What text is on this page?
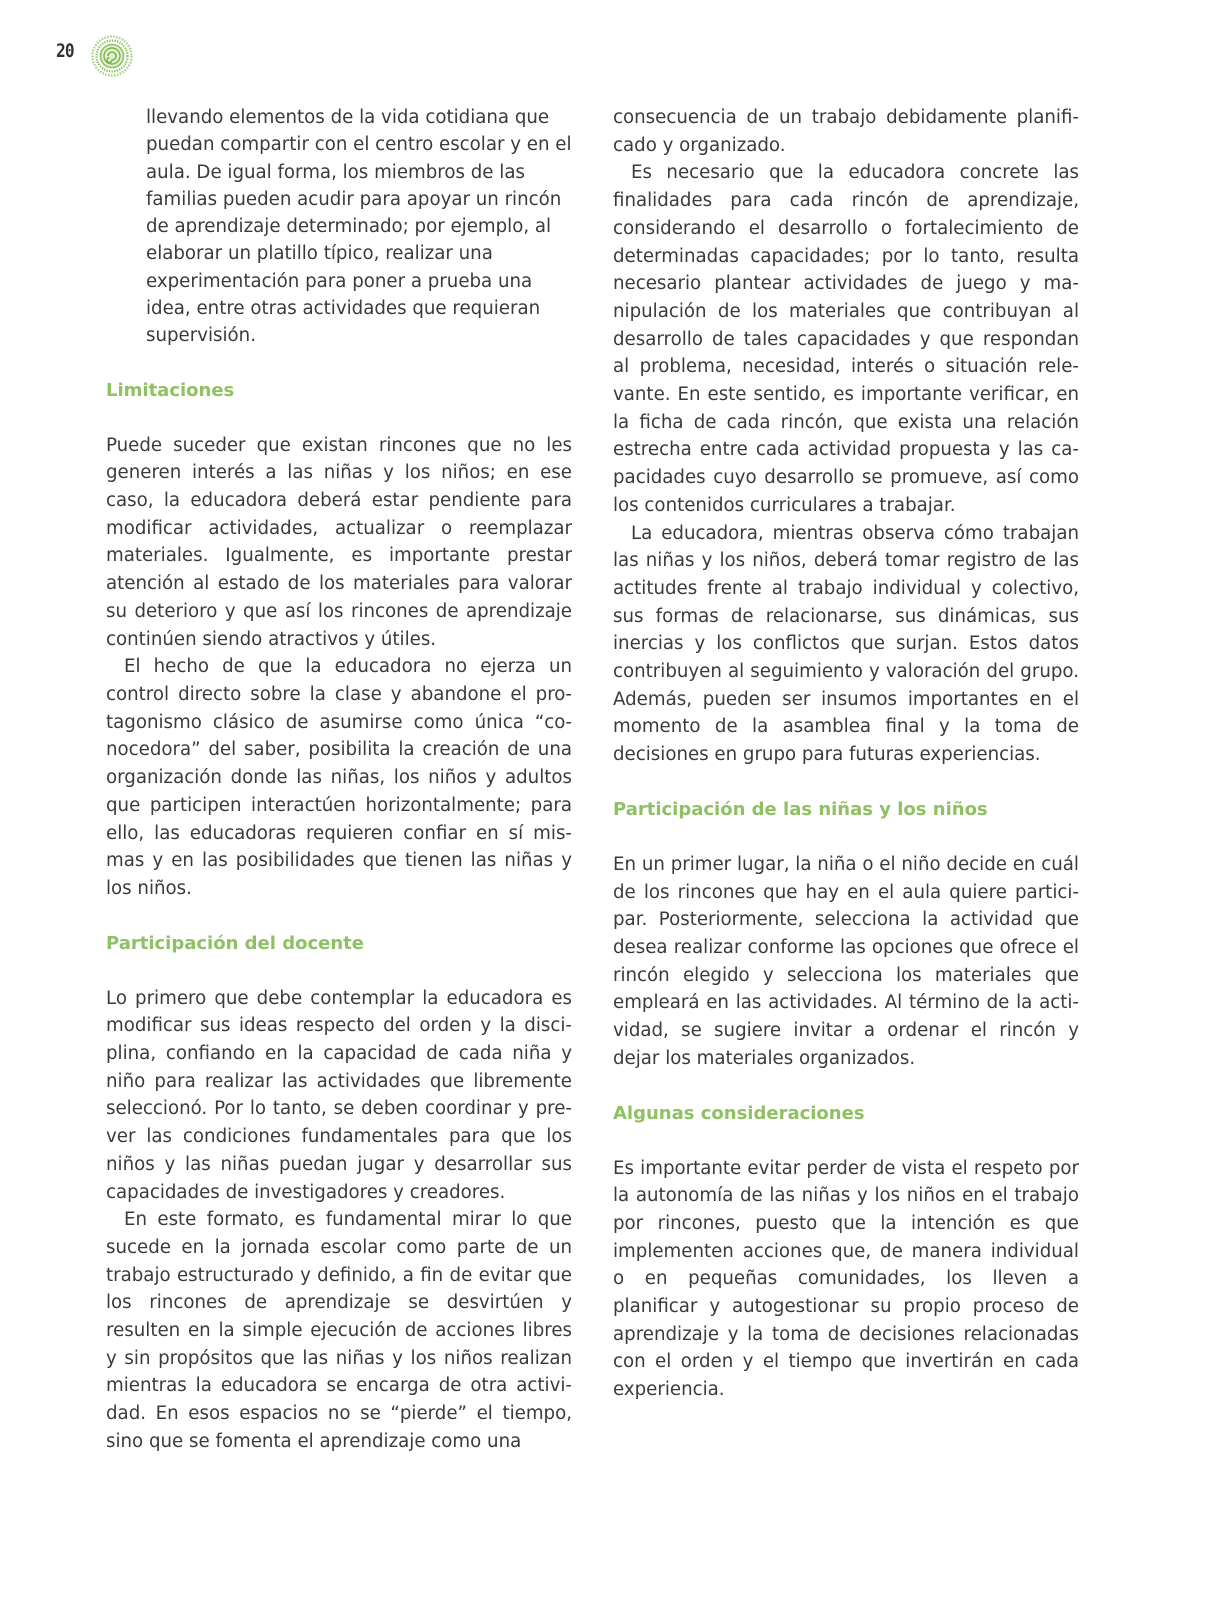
20

llevando elementos de la vida cotidiana que puedan compartir con el centro escolar y en el aula. De igual forma, los miembros de las familias pueden acudir para apoyar un rincón de aprendizaje determinado; por ejemplo, al elaborar un platillo típico, realizar una experimentación para poner a prueba una idea, entre otras actividades que requieran supervisión.

Limitaciones

Puede suceder que existan rincones que no les generen interés a las niñas y los niños; en ese caso, la educadora deberá estar pendiente para modificar actividades, actualizar o reemplazar materiales. Igualmente, es importante prestar atención al estado de los materiales para valorar su deterioro y que así los rincones de aprendizaje continúen siendo atractivos y útiles.

El hecho de que la educadora no ejerza un control directo sobre la clase y abandone el protagonismo clásico de asumirse como única “conocedora” del saber, posibilita la creación de una organización donde las niñas, los niños y adultos que participen interactúen horizontalmente; para ello, las educadoras requieren confiar en sí mismas y en las posibilidades que tienen las niñas y los niños.

Participación del docente

Lo primero que debe contemplar la educadora es modificar sus ideas respecto del orden y la disciplina, confiando en la capacidad de cada niña y niño para realizar las actividades que libremente seleccionó. Por lo tanto, se deben coordinar y prever las condiciones fundamentales para que los niños y las niñas puedan jugar y desarrollar sus capacidades de investigadores y creadores.

En este formato, es fundamental mirar lo que sucede en la jornada escolar como parte de un trabajo estructurado y definido, a fin de evitar que los rincones de aprendizaje se desvirtúen y resulten en la simple ejecución de acciones libres y sin propósitos que las niñas y los niños realizan mientras la educadora se encarga de otra actividad. En esos espacios no se “pierde” el tiempo, sino que se fomenta el aprendizaje como una

consecuencia de un trabajo debidamente planificado y organizado.

Es necesario que la educadora concrete las finalidades para cada rincón de aprendizaje, considerando el desarrollo o fortalecimiento de determinadas capacidades; por lo tanto, resulta necesario plantear actividades de juego y manipulación de los materiales que contribuyan al desarrollo de tales capacidades y que respondan al problema, necesidad, interés o situación relevante. En este sentido, es importante verificar, en la ficha de cada rincón, que exista una relación estrecha entre cada actividad propuesta y las capacidades cuyo desarrollo se promueve, así como los contenidos curriculares a trabajar.

La educadora, mientras observa cómo trabajan las niñas y los niños, deberá tomar registro de las actitudes frente al trabajo individual y colectivo, sus formas de relacionarse, sus dinámicas, sus inercias y los conflictos que surjan. Estos datos contribuyen al seguimiento y valoración del grupo. Además, pueden ser insumos importantes en el momento de la asamblea final y la toma de decisiones en grupo para futuras experiencias.

Participación de las niñas y los niños

En un primer lugar, la niña o el niño decide en cuál de los rincones que hay en el aula quiere participar. Posteriormente, selecciona la actividad que desea realizar conforme las opciones que ofrece el rincón elegido y selecciona los materiales que empleará en las actividades. Al término de la actividad, se sugiere invitar a ordenar el rincón y dejar los materiales organizados.

Algunas consideraciones

Es importante evitar perder de vista el respeto por la autonomía de las niñas y los niños en el trabajo por rincones, puesto que la intención es que implementen acciones que, de manera individual o en pequeñas comunidades, los lleven a planificar y autogestionar su propio proceso de aprendizaje y la toma de decisiones relacionadas con el orden y el tiempo que invertirán en cada experiencia.
